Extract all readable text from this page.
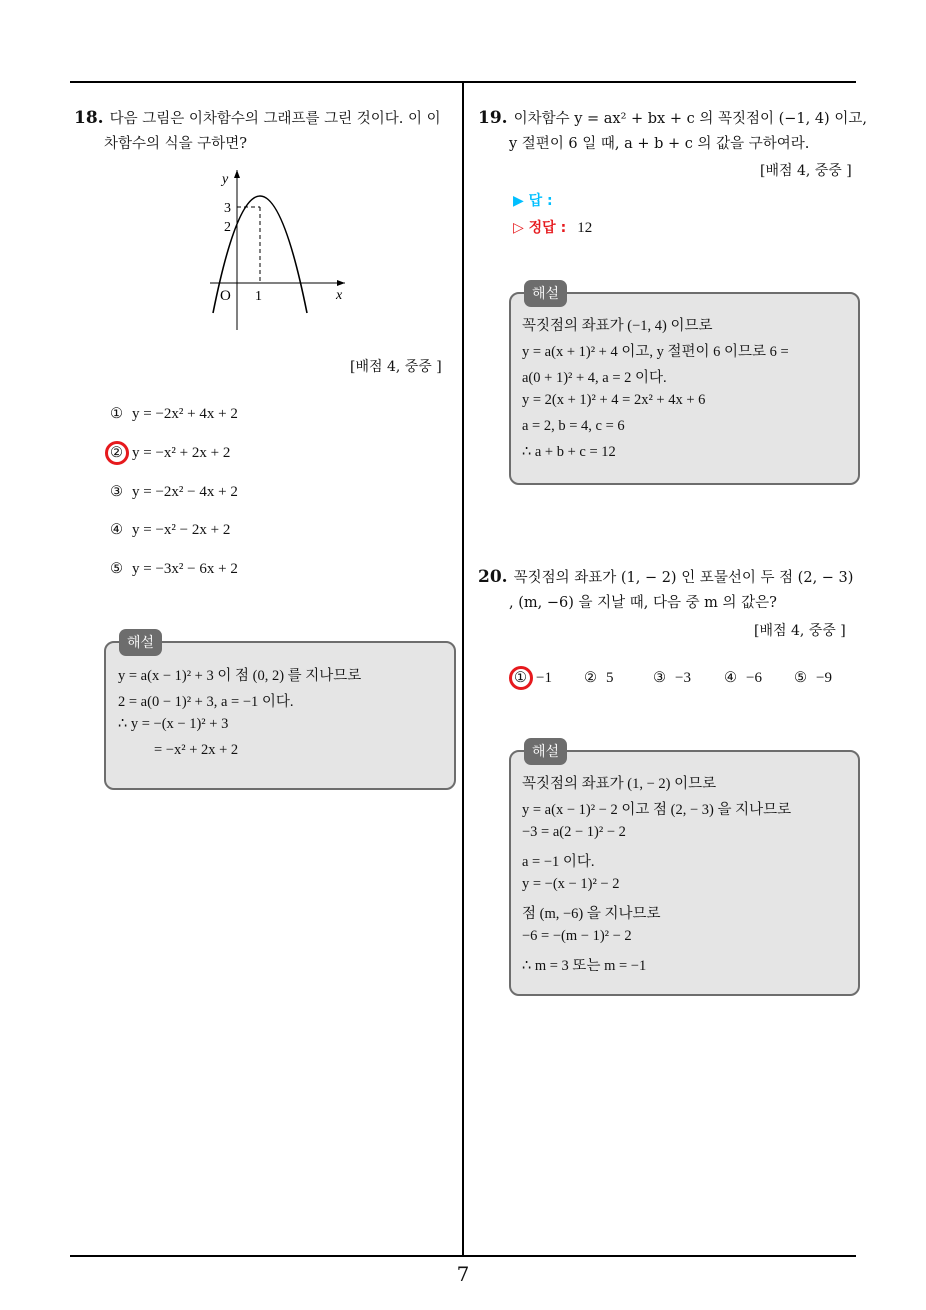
7
18. 다음 그림은 이차함수의 그래프를 그린 것이다. 이 이
차함수의 식을 구하면?
y
x
O 1
3
2
[배점 4, 중중 ]
① y = −2x² + 4x + 2
② y = −x² + 2x + 2
③ y = −2x² − 4x + 2
④ y = −x² − 2x + 2
⑤ y = −3x² − 6x + 2
해설
y = a(x − 1)² + 3 이 점 (0, 2) 를 지나므로
2 = a(0 − 1)² + 3, a = −1 이다.
∴ y = −(x − 1)² + 3
= −x² + 2x + 2
19. 이차함수 y = ax² + bx + c 의 꼭짓점이 (−1, 4) 이고,
y 절편이 6 일 때, a + b + c 의 값을 구하여라.
[배점 4, 중중 ]
▶ 답 :
▷ 정답 : 12
해설
꼭짓점의 좌표가 (−1, 4) 이므로
y = a(x + 1)² + 4 이고, y 절편이 6 이므로 6 =
a(0 + 1)² + 4, a = 2 이다.
y = 2(x + 1)² + 4 = 2x² + 4x + 6
a = 2, b = 4, c = 6
∴ a + b + c = 12
20. 꼭짓점의 좌표가 (1, − 2) 인 포물선이 두 점 (2, − 3)
, (m, −6) 을 지날 때, 다음 중 m 의 값은?
[배점 4, 중중 ]
① −1 ② 5	③ −3 ④ −6 ⑤ −9
해설
꼭짓점의 좌표가 (1, − 2) 이므로
y = a(x − 1)² − 2 이고 점 (2, − 3) 을 지나므로
−3 = a(2 − 1)² − 2
a = −1 이다.
y = −(x − 1)² − 2
점 (m, −6) 을 지나므로
−6 = −(m − 1)² − 2
∴ m = 3 또는 m = −1
